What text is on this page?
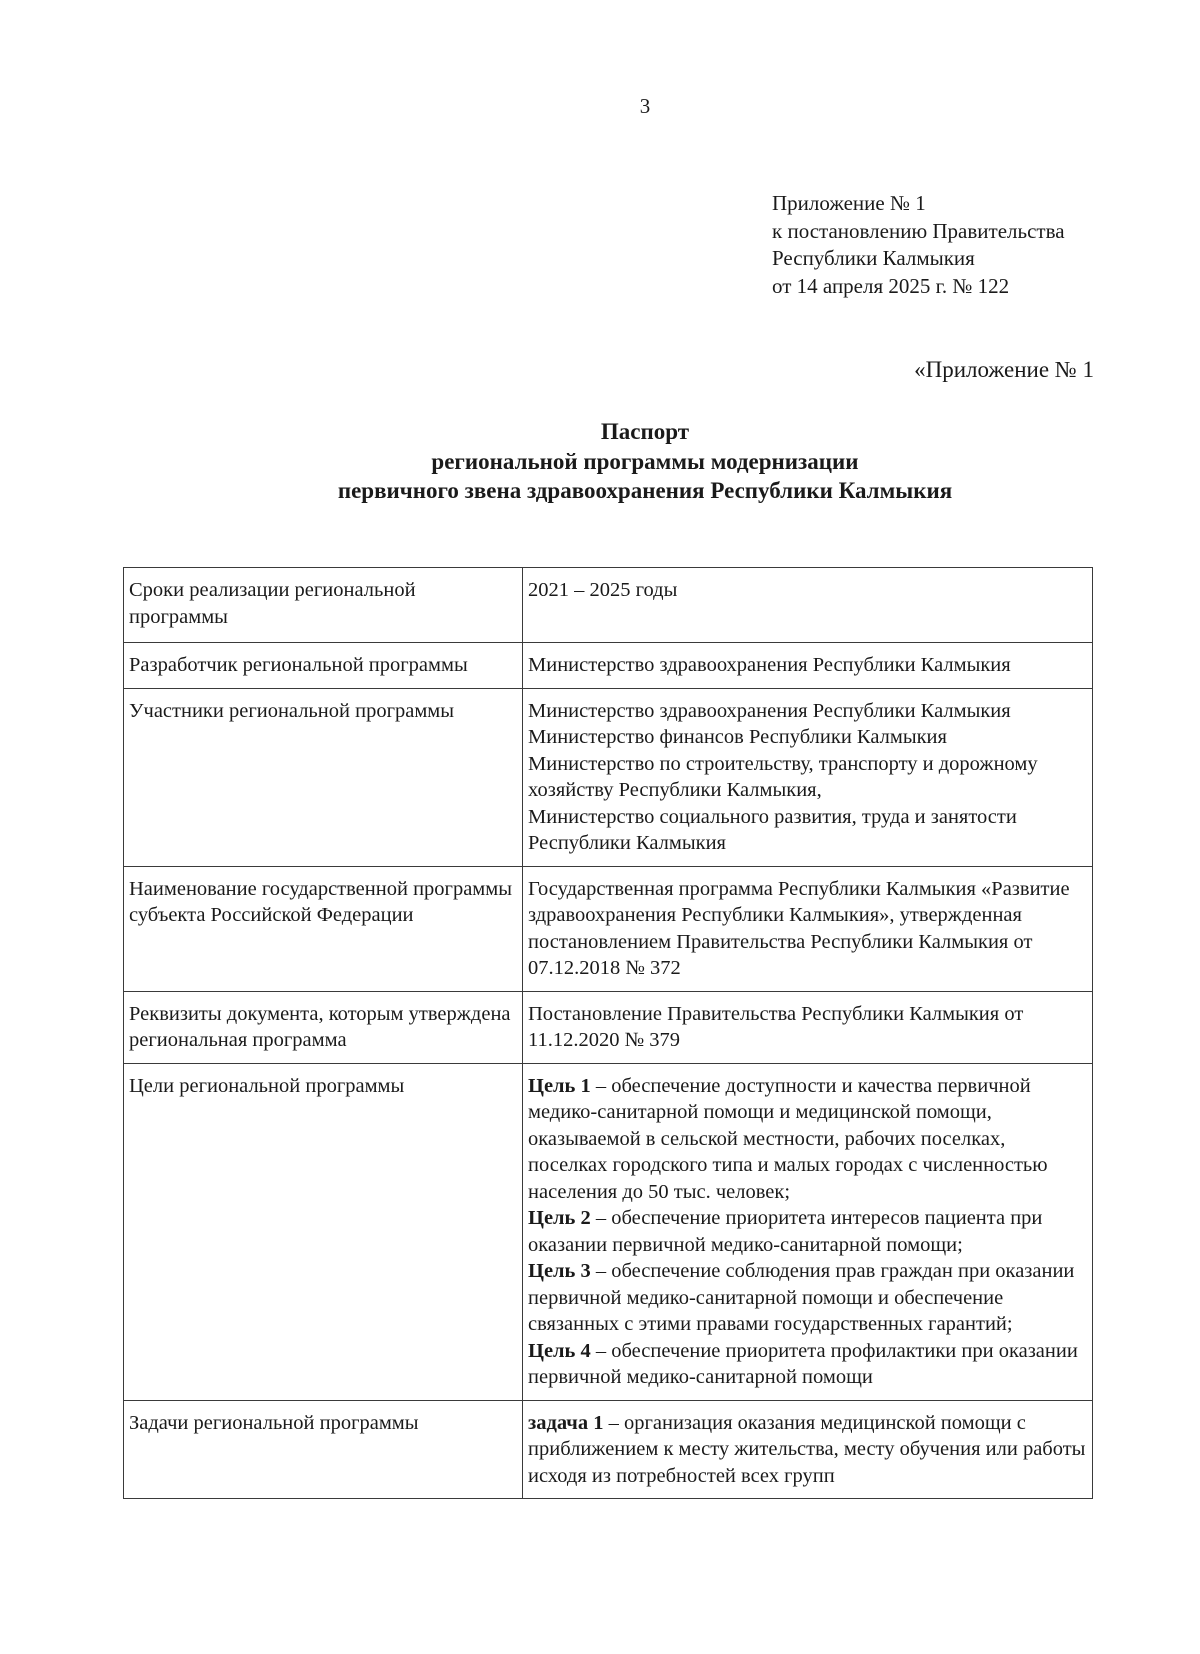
3
Приложение № 1
к постановлению Правительства
Республики Калмыкия
от 14 апреля 2025 г. № 122
«Приложение № 1
Паспорт
региональной программы модернизации
первичного звена здравоохранения Республики Калмыкия
Сроки реализации региональной программы	2021 – 2025 годы
Разработчик региональной программы	Министерство здравоохранения Республики Калмыкия
Участники региональной программы	Министерство здравоохранения Республики Калмыкия
Министерство финансов Республики Калмыкия
Министерство по строительству, транспорту и дорожному хозяйству Республики Калмыкия,
Министерство социального развития, труда и занятости Республики Калмыкия

Наименование государственной программы субъекта Российской Федерации	Государственная программа Республики Калмыкия «Развитие здравоохранения Республики Калмыкия», утвержденная постановлением Правительства Республики Калмыкия от 07.12.2018 № 372
Реквизиты документа, которым утверждена региональная программа	Постановление Правительства Республики Калмыкия от 11.12.2020 № 379
Цели региональной программы	Цель 1 – обеспечение доступности и качества первичной медико-санитарной помощи и медицинской помощи, оказываемой в сельской местности, рабочих поселках, поселках городского типа и малых городах с численностью населения до 50 тыс. человек;
Цель 2 – обеспечение приоритета интересов пациента при оказании первичной медико-санитарной помощи;
Цель 3 – обеспечение соблюдения прав граждан при оказании первичной медико-санитарной помощи и обеспечение связанных с этими правами государственных гарантий;
Цель 4 – обеспечение приоритета профилактики при оказании первичной медико-санитарной помощи

Задачи региональной программы	задача 1 – организация оказания медицинской помощи с приближением к месту жительства, месту обучения или работы исходя из потребностей всех групп
